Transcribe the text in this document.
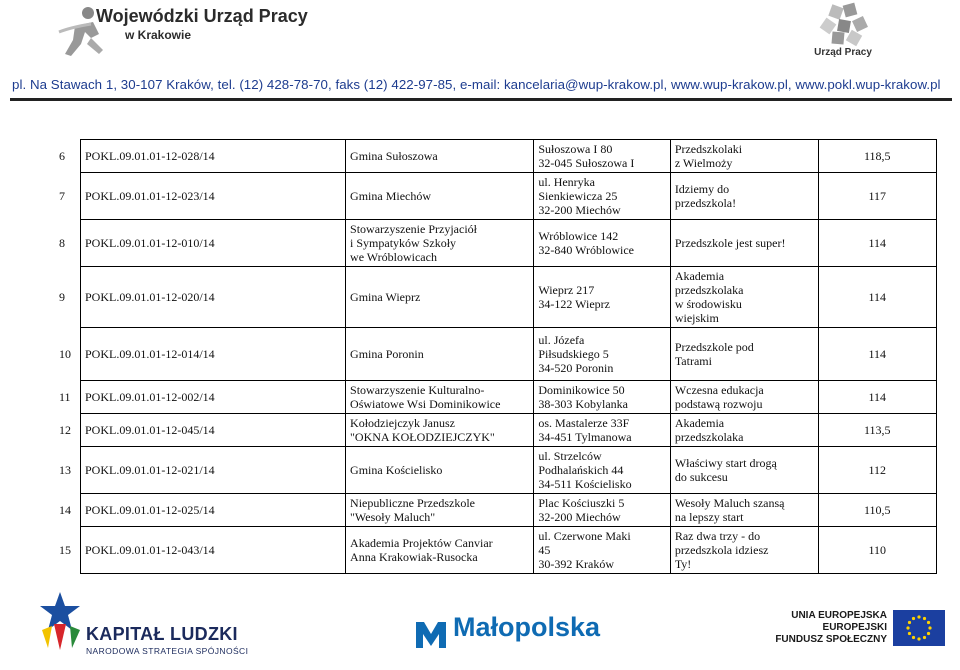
Wojewódzki Urząd Pracy
w Krakowie
Urząd Pracy
pl. Na Stawach 1, 30-107 Kraków, tel. (12) 428-78-70, faks (12) 422-97-85, e-mail: kancelaria@wup-krakow.pl, www.wup-krakow.pl, www.pokl.wup-krakow.pl
6 POKL.09.01.01-12-028/14	Gmina Sułoszowa	Sułoszowa I 80
32-045 Sułoszowa I	Przedszkolaki
z Wielmoży	118,5
7 POKL.09.01.01-12-023/14	Gmina Miechów	ul. Henryka
Sienkiewicza 25
32-200 Miechów	Idziemy do
przedszkola!	117
8 POKL.09.01.01-12-010/14	Stowarzyszenie Przyjaciół
i Sympatyków Szkoły
we Wróblowicach	Wróblowice 142
32-840 Wróblowice	Przedszkole jest super!	114
9 POKL.09.01.01-12-020/14	Gmina Wieprz	Wieprz 217
34-122 Wieprz	Akademia
przedszkolaka
w środowisku
wiejskim	114
10 POKL.09.01.01-12-014/14	Gmina Poronin	ul. Józefa
Piłsudskiego 5
34-520 Poronin	Przedszkole pod
Tatrami	114
11 POKL.09.01.01-12-002/14	Stowarzyszenie Kulturalno-
Oświatowe Wsi Dominikowice	Dominikowice 50
38-303 Kobylanka	Wczesna edukacja
podstawą rozwoju	114
12 POKL.09.01.01-12-045/14	Kołodziejczyk Janusz
"OKNA KOŁODZIEJCZYK"	os. Mastalerze 33F
34-451 Tylmanowa	Akademia
przedszkolaka	113,5
13 POKL.09.01.01-12-021/14	Gmina Kościelisko	ul. Strzelców
Podhalańskich 44
34-511 Kościelisko	Właściwy start drogą
do sukcesu	112
14 POKL.09.01.01-12-025/14	Niepubliczne Przedszkole
"Wesoły Maluch"	Plac Kościuszki 5
32-200 Miechów	Wesoły Maluch szansą
na lepszy start	110,5
15 POKL.09.01.01-12-043/14	Akademia Projektów Canviar
Anna Krakowiak-Rusocka	ul. Czerwone Maki
45
30-392 Kraków	Raz dwa trzy - do
przedszkola idziesz
Ty!	110
KAPITAŁ LUDZKI
NARODOWA STRATEGIA SPÓJNOŚCI
Małopolska	UNIA EUROPEJSKA
EUROPEJSKI
FUNDUSZ SPOŁECZNY
